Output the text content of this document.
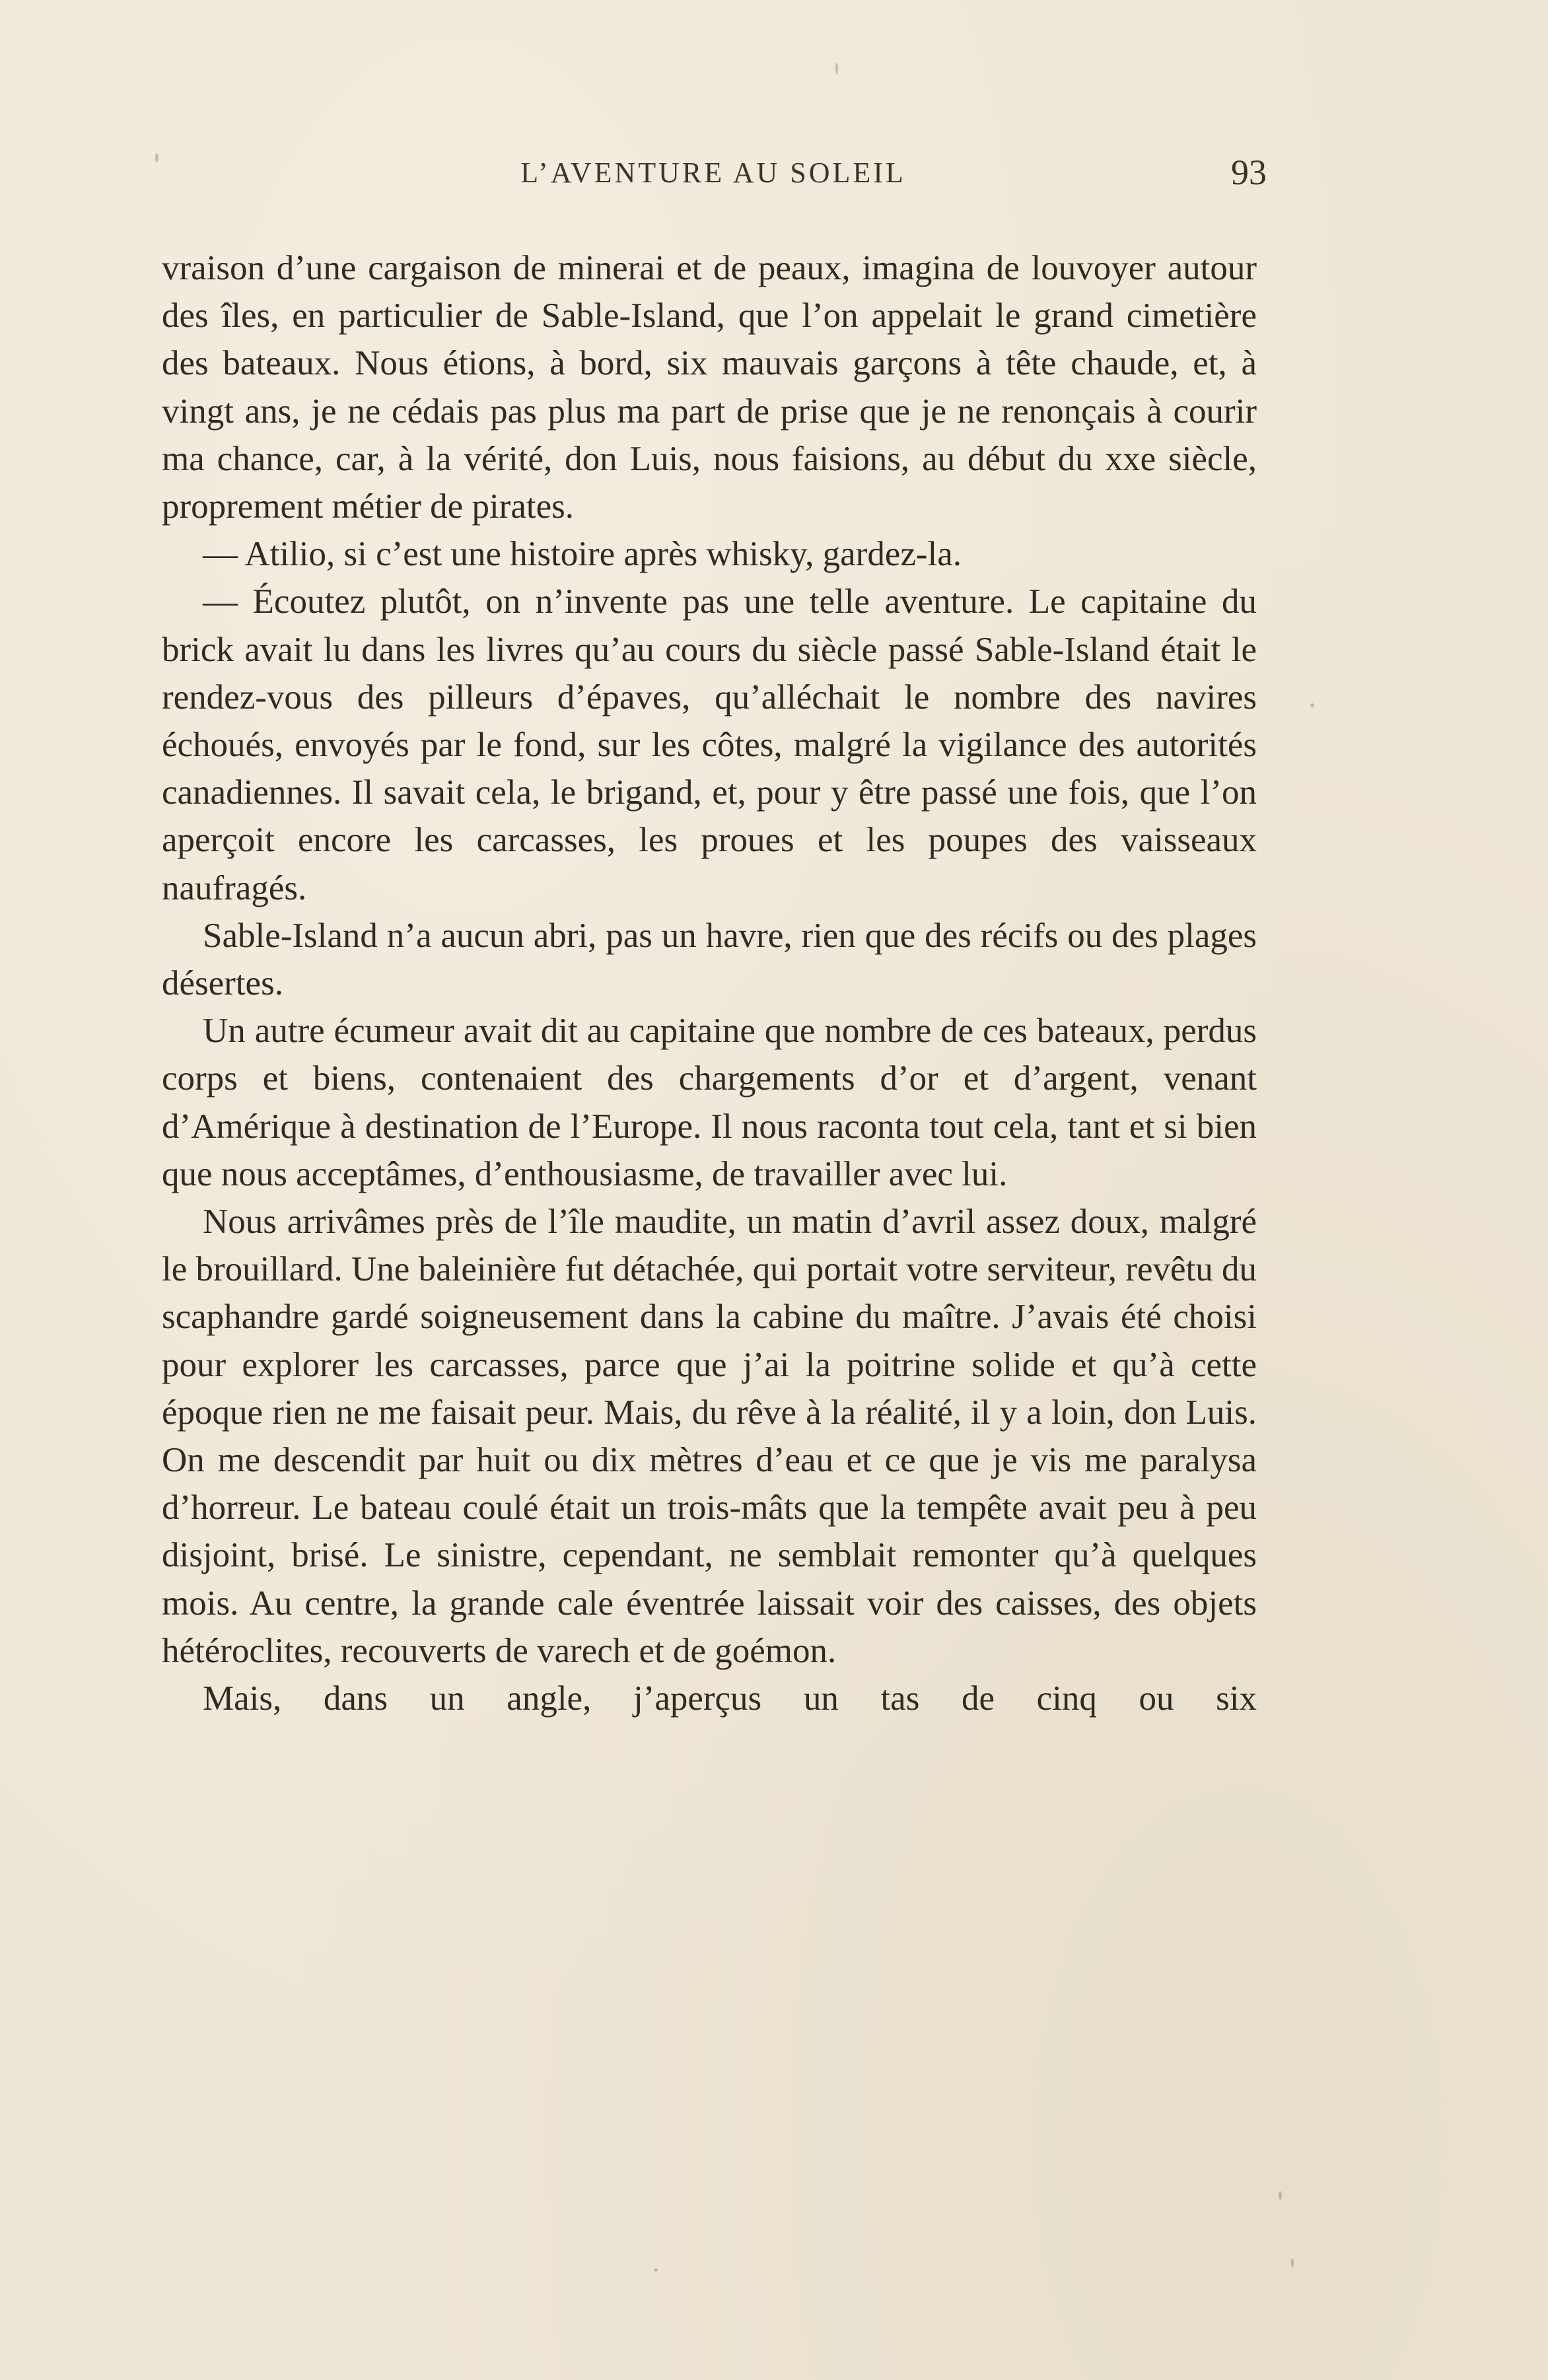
L’AVENTURE AU SOLEIL	93

vraison d’une cargaison de minerai et de peaux, imagina de louvoyer autour des îles, en particulier de Sable-Island, que l’on appelait le grand cimetière des bateaux. Nous étions, à bord, six mauvais garçons à tête chaude, et, à vingt ans, je ne cédais pas plus ma part de prise que je ne renonçais à courir ma chance, car, à la vérité, don Luis, nous faisions, au début du xxe siècle, proprement métier de pirates.

— Atilio, si c’est une histoire après whisky, gardez-la.

— Écoutez plutôt, on n’invente pas une telle aventure. Le capitaine du brick avait lu dans les livres qu’au cours du siècle passé Sable-Island était le rendez-vous des pilleurs d’épaves, qu’alléchait le nombre des navires échoués, envoyés par le fond, sur les côtes, malgré la vigilance des autorités canadiennes. Il savait cela, le brigand, et, pour y être passé une fois, que l’on aperçoit encore les carcasses, les proues et les poupes des vaisseaux naufragés.

Sable-Island n’a aucun abri, pas un havre, rien que des récifs ou des plages désertes.

Un autre écumeur avait dit au capitaine que nombre de ces bateaux, perdus corps et biens, contenaient des chargements d’or et d’argent, venant d’Amérique à destination de l’Europe. Il nous raconta tout cela, tant et si bien que nous acceptâmes, d’enthousiasme, de travailler avec lui.

Nous arrivâmes près de l’île maudite, un matin d’avril assez doux, malgré le brouillard. Une baleinière fut détachée, qui portait votre serviteur, revêtu du scaphandre gardé soigneusement dans la cabine du maître. J’avais été choisi pour explorer les carcasses, parce que j’ai la poitrine solide et qu’à cette époque rien ne me faisait peur. Mais, du rêve à la réalité, il y a loin, don Luis. On me descendit par huit ou dix mètres d’eau et ce que je vis me paralysa d’horreur. Le bateau coulé était un trois-mâts que la tempête avait peu à peu disjoint, brisé. Le sinistre, cependant, ne semblait remonter qu’à quelques mois. Au centre, la grande cale éventrée laissait voir des caisses, des objets hétéroclites, recouverts de varech et de goémon.

Mais, dans un angle, j’aperçus un tas de cinq ou six
